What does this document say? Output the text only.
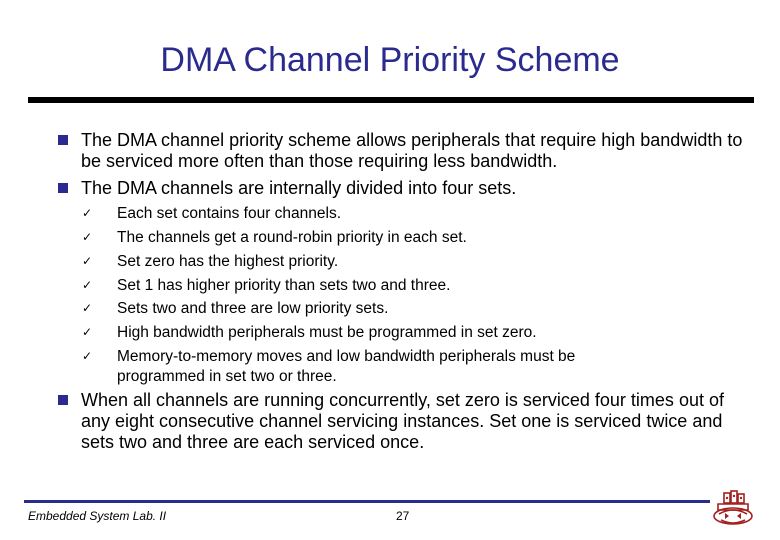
DMA Channel Priority Scheme
The DMA channel priority scheme allows peripherals that require high bandwidth to be serviced more often than those requiring less bandwidth.
The DMA channels are internally divided into four sets.
✓ Each set contains four channels.
✓ The channels get a round-robin priority in each set.
✓ Set zero has the highest priority.
✓ Set 1 has higher priority than sets two and three.
✓ Sets two and three are low priority sets.
✓ High bandwidth peripherals must be programmed in set zero.
✓ Memory-to-memory moves and low bandwidth peripherals must be programmed in set two or three.
When all channels are running concurrently, set zero is serviced four times out of any eight consecutive channel servicing instances. Set one is serviced twice and sets two and three are each serviced once.
Embedded System Lab. II	27
